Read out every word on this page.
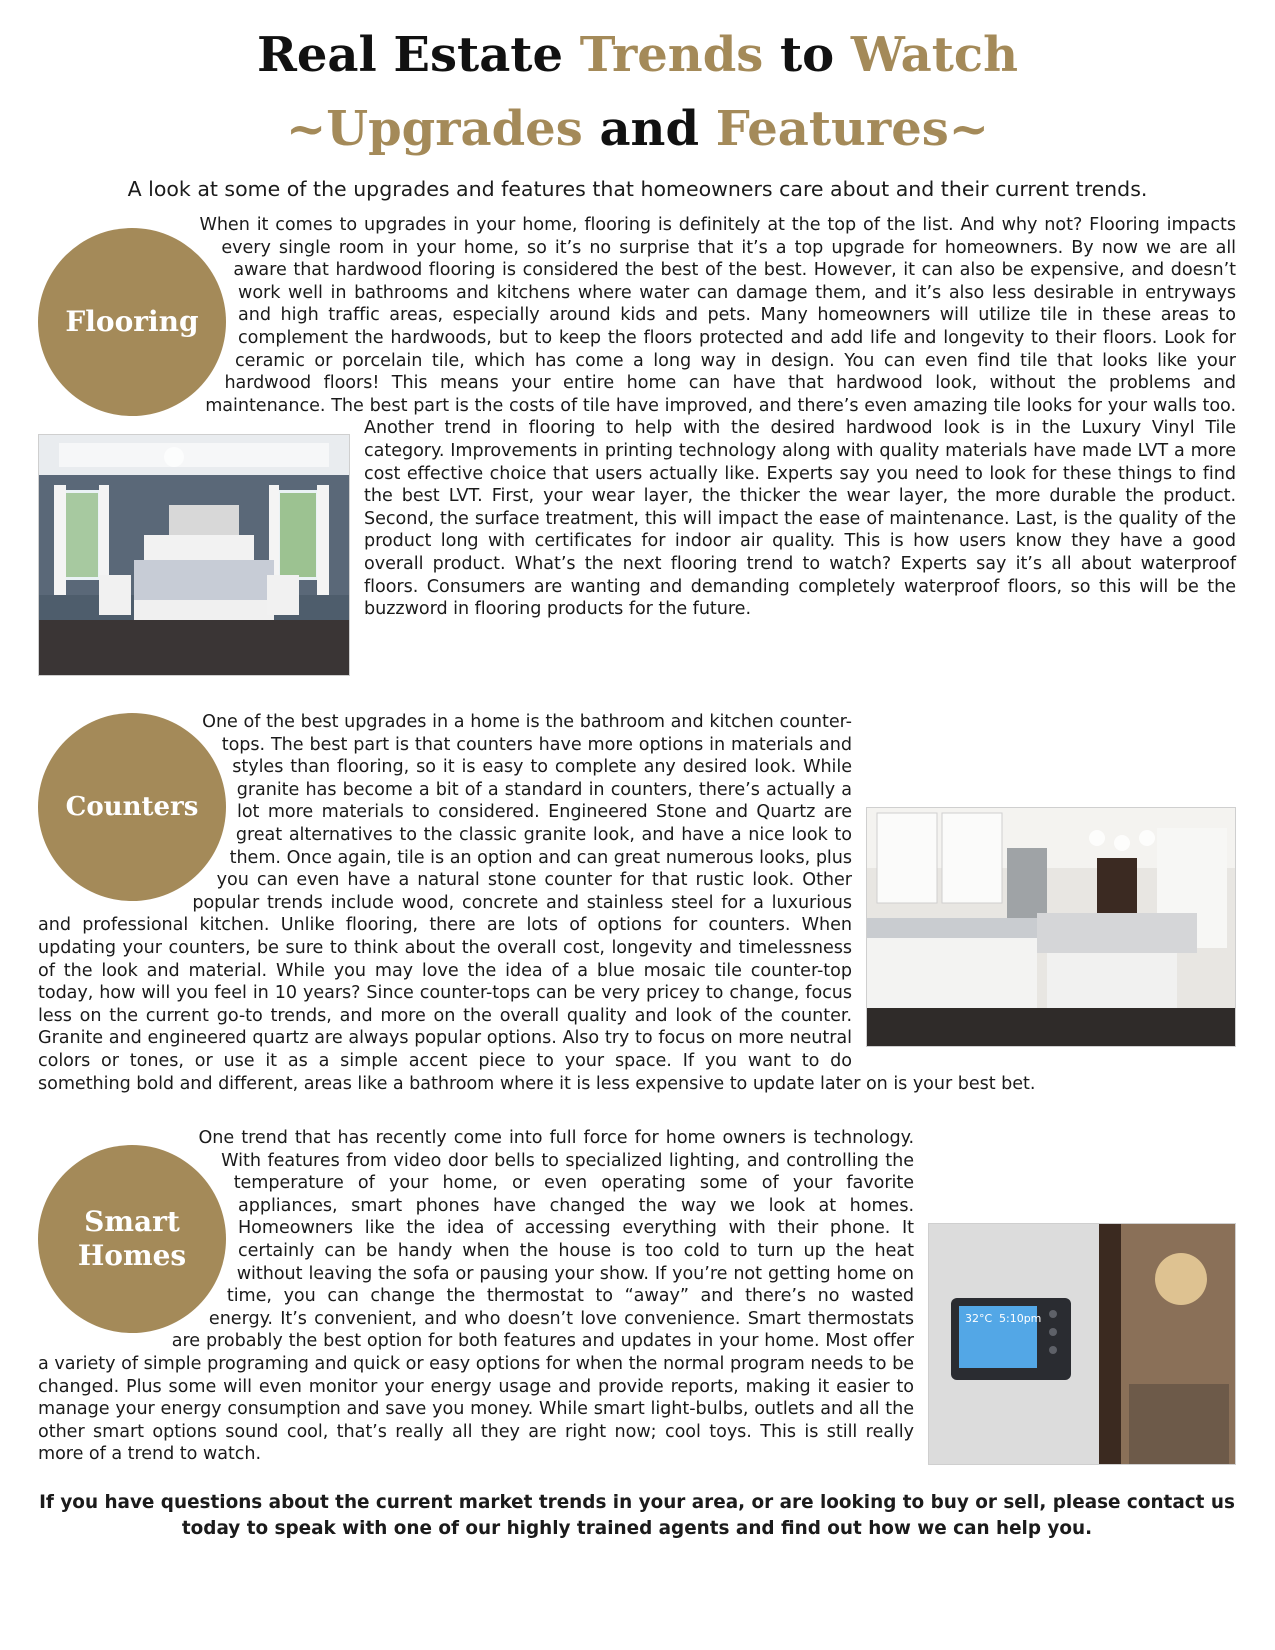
Real Estate Trends to Watch
~Upgrades and Features~
A look at some of the upgrades and features that homeowners care about and their current trends.
Flooring

When it comes to upgrades in your home, flooring is definitely at the top of the list. And why not? Flooring impacts every single room in your home, so it’s no surprise that it’s a top upgrade for homeowners. By now we are all aware that hardwood flooring is considered the best of the best. However, it can also be expensive, and doesn’t work well in bathrooms and kitchens where water can damage them, and it’s also less desirable in entryways and high traffic areas, especially around kids and pets. Many homeowners will utilize tile in these areas to complement the hardwoods, but to keep the floors protected and add life and longevity to their floors. Look for ceramic or porcelain tile, which has come a long way in design. You can even find tile that looks like your hardwood floors! This means your entire home can have that hardwood look, without the problems and maintenance. The best part is the costs of tile have improved, and there’s even amazing tile looks for your walls too. Another trend in flooring to help with the desired hardwood look is in the Luxury Vinyl Tile category. Improvements in printing technology along with quality materials have made LVT a more cost effective choice that users actually like. Experts say you need to look for these things to find the best LVT. First, your wear layer, the thicker the wear layer, the more durable the product. Second, the surface treatment, this will impact the ease of maintenance. Last, is the quality of the product long with certificates for indoor air quality. This is how users know they have a good overall product. What’s the next flooring trend to watch? Experts say it’s all about waterproof floors. Consumers are wanting and demanding completely waterproof floors, so this will be the buzzword in flooring products for the future.

Counters

One of the best upgrades in a home is the bathroom and kitchen counter-tops. The best part is that counters have more options in materials and styles than flooring, so it is easy to complete any desired look. While granite has become a bit of a standard in counters, there’s actually a lot more materials to considered. Engineered Stone and Quartz are great alternatives to the classic granite look, and have a nice look to them. Once again, tile is an option and can great numerous looks, plus you can even have a natural stone counter for that rustic look. Other popular trends include wood, concrete and stainless steel for a luxurious and professional kitchen. Unlike flooring, there are lots of options for counters. When updating your counters, be sure to think about the overall cost, longevity and timelessness of the look and material. While you may love the idea of a blue mosaic tile counter-top today, how will you feel in 10 years? Since counter-tops can be very pricey to change, focus less on the current go-to trends, and more on the overall quality and look of the counter. Granite and engineered quartz are always popular options. Also try to focus on more neutral colors or tones, or use it as a simple accent piece to your space. If you want to do something bold and different, areas like a bathroom where it is less expensive to update later on is your best bet.

Smart
Homes
32°C 5:10pm

One trend that has recently come into full force for home owners is technology. With features from video door bells to specialized lighting, and controlling the temperature of your home, or even operating some of your favorite appliances, smart phones have changed the way we look at homes. Homeowners like the idea of accessing everything with their phone. It certainly can be handy when the house is too cold to turn up the heat without leaving the sofa or pausing your show. If you’re not getting home on time, you can change the thermostat to “away” and there’s no wasted energy. It’s convenient, and who doesn’t love convenience. Smart thermostats are probably the best option for both features and updates in your home. Most offer a variety of simple programing and quick or easy options for when the normal program needs to be changed. Plus some will even monitor your energy usage and provide reports, making it easier to manage your energy consumption and save you money. While smart light-bulbs, outlets and all the other smart options sound cool, that’s really all they are right now; cool toys. This is still really more of a trend to watch.

If you have questions about the current market trends in your area, or are looking to buy or sell, please contact us today to speak with one of our highly trained agents and find out how we can help you.
